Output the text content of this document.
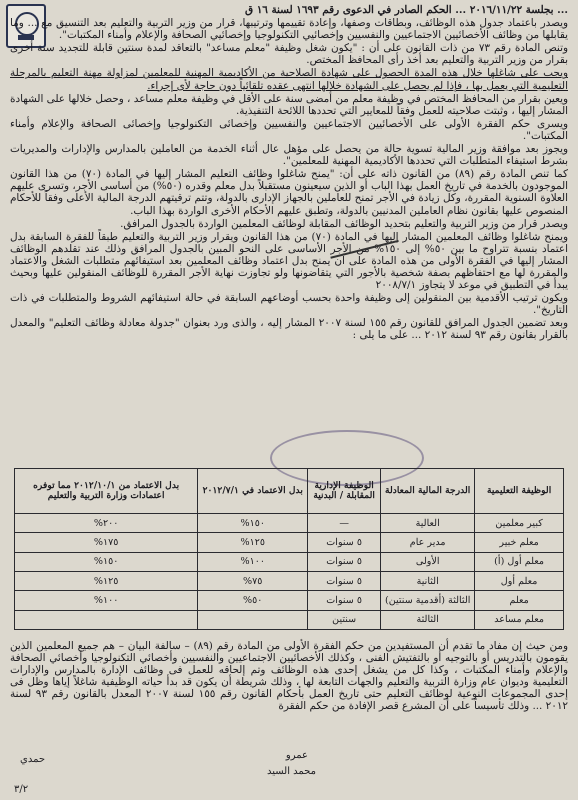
... بجلسة ٢٠١٦/١١/٢٢ ... الحكم الصادر في الدعوى رقم ١٦٩٣ لسنة ١٦ ق

ويصدر باعتماد جدول هذه الوظائف، وبطاقات وصفها، وإعادة تقييمها وترتيبها، قرار من وزير التربية والتعليم بعد التنسيق مع ... وما يقابلها من وظائف الأخصائيين الاجتماعيين والنفسيين وإخصائيي التكنولوجيا وإخصائيي الصحافة والإعلام وأمناء المكتبات".

وتنص المادة رقم ٧٣ من ذات القانون على أن : "يكون شغل وظيفة "معلم مساعد" بالتعاقد لمدة سنتين قابلة للتجديد سنة أخرى بقرار من وزير التربية والتعليم بعد أخذ رأى المحافظ المختص.

ويجب على شاغلها خلال هذه المدة الحصول على شهادة الصلاحية من الأكاديمية المهنية للمعلمين لمزاولة مهنة التعليم بالمرحلة التعليمية التي يعمل بها ، فإذا لم يحصل على الشهادة خلالها انتهى عقده تلقائياً دون حاجة لأى إجراء.

ويعين بقرار من المحافظ المختص في وظيفة معلم من أمضى سنة على الأقل في وظيفة معلم مساعد ، وحصل خلالها على الشهادة المشار إليها ، وثبتت صلاحيته للعمل وفقاً للمعايير التي تحددها اللائحة التنفيذية.

ويسرى حكم الفقرة الأولى على الأخصائيين الاجتماعيين والنفسيين وإخصائى التكنولوجيا وإخصائى الصحافة والإعلام وأمناء المكتبات".

ويجوز بعد موافقة وزير المالية تسوية حالة من يحصل على مؤهل عال أثناء الخدمة من العاملين بالمدارس والإدارات والمديريات بشرط استيفاء المتطلبات التي تحددها الأكاديمية المهنية للمعلمين".

كما تنص المادة رقم (٨٩) من القانون ذاته على أن: "يمنح شاغلوا وظائف التعليم المشار إليها في المادة (٧٠) من هذا القانون الموجودون بالخدمة في تاريخ العمل بهذا الباب أو الذين سيعينون مستقبلاً بدل معلم وقدره (٥٠%) من أساسى الأجر، وتسرى عليهم العلاوة السنوية المقررة، وكل زيادة في الأجر تمنح للعاملين بالجهاز الإدارى بالدولة، وتتم ترقيتهم الدرجة المالية الأعلى وفقاً للأحكام المنصوص عليها بقانون نظام العاملين المدنيين بالدولة، وتطبق عليهم الأحكام الأخرى الواردة بهذا الباب.

ويصدر قرار من وزير التربية والتعليم بتحديد الوظائف المقابلة لوظائف المعلمين الواردة بالجدول المرافق.

ويمنح شاغلوا وظائف المعلمين المشار إليها في المادة (٧٠) من هذا القانون ويقرار وزير التربية والتعليم طبقاً للفقرة السابقة بدل اعتماد بنسبة تتراوح ما بين ٥٠% إلى ١٥٠% من الأجر الأساسى على النحو المبين بالجدول المرافق وذلك عند تقلدهم الوظائف المشار إليها في الفقرة الأولى من هذه المادة على أن يمنح بدل اعتماد وظائف المعلمين بعد استيفائهم متطلبات الشغل والاعتماد والمقررة لها مع احتفاظهم بصفة شخصية بالأجور التي يتقاضونها ولو تجاوزت نهاية الأجر المقررة للوظائف المنقولين عليها وبحيث يبدأ في التطبيق في موعد لا يتجاوز ٢٠٠٨/٧/١

ويكون ترتيب الأقدمية بين المنقولين إلى وظيفة واحدة بحسب أوضاعهم السابقة في حالة استيفائهم الشروط والمتطلبات في ذات التاريخ".

وبعد تضمين الجدول المرافق للقانون رقم ١٥٥ لسنة ٢٠٠٧ المشار إليه ، والذى ورد بعنوان "جدولة معادلة وظائف التعليم" والمعدل بالقرار بقانون رقم ٩٣ لسنة ٢٠١٢ ... على ما يلى :

الوظيفة التعليمية	الدرجة المالية المعادلة	الوظيفة الإدارية المقابلة / البدنية	بدل الاعتماد في ٢٠١٢/٧/١	بدل الاعتماد من ٢٠١٢/١٠/١ مما توفره اعتمادات وزارة التربية والتعليم
كبير معلمين	العالية	—	١٥٠%	٢٠٠%
معلم خبير	مدير عام	٥ سنوات	١٢٥%	١٧٥%
معلم أول (أ)	الأولى	٥ سنوات	١٠٠%	١٥٠%
معلم أول	الثانية	٥ سنوات	٧٥%	١٢٥%
معلم	الثالثة (أقدمية سنتين)	٥ سنوات	٥٠%	١٠٠%
معلم مساعد	الثالثة	سنتين		
ومن حيث إن مفاد ما تقدم أن المستفيدين من حكم الفقرة الأولى من المادة رقم (٨٩) – سالفة البيان – هم جميع المعلمين الذين يقومون بالتدريس أو بالتوجيه أو بالتفتيش الفنى ، وكذلك الأخصائيين الاجتماعيين والنفسيين وأخصائي التكنولوجيا وأخصائي الصحافة والإعلام وأمناء المكتبات ، وكذا كل من يشغل إحدى هذه الوظائف وتم إلحاقه للعمل فى وظائف الإدارة بالمدارس والإدارات التعليمية وديوان عام وزارة التربية والتعليم والجهات التابعة لها ، وذلك شريطة أن يكون قد بدأ حياته الوظيفية شاغلاً إياها وظل فى إحدى المجموعات النوعية لوظائف التعليم حتى تاريخ العمل بأحكام القانون رقم ١٥٥ لسنة ٢٠٠٧ المعدل بالقانون رقم ٩٣ لسنة ٢٠١٢ ... وذلك تأسيساً على أن المشرع قصر الإفادة من حكم الفقرة
عمرو
محمد السيد
حمدي
٣/٢
